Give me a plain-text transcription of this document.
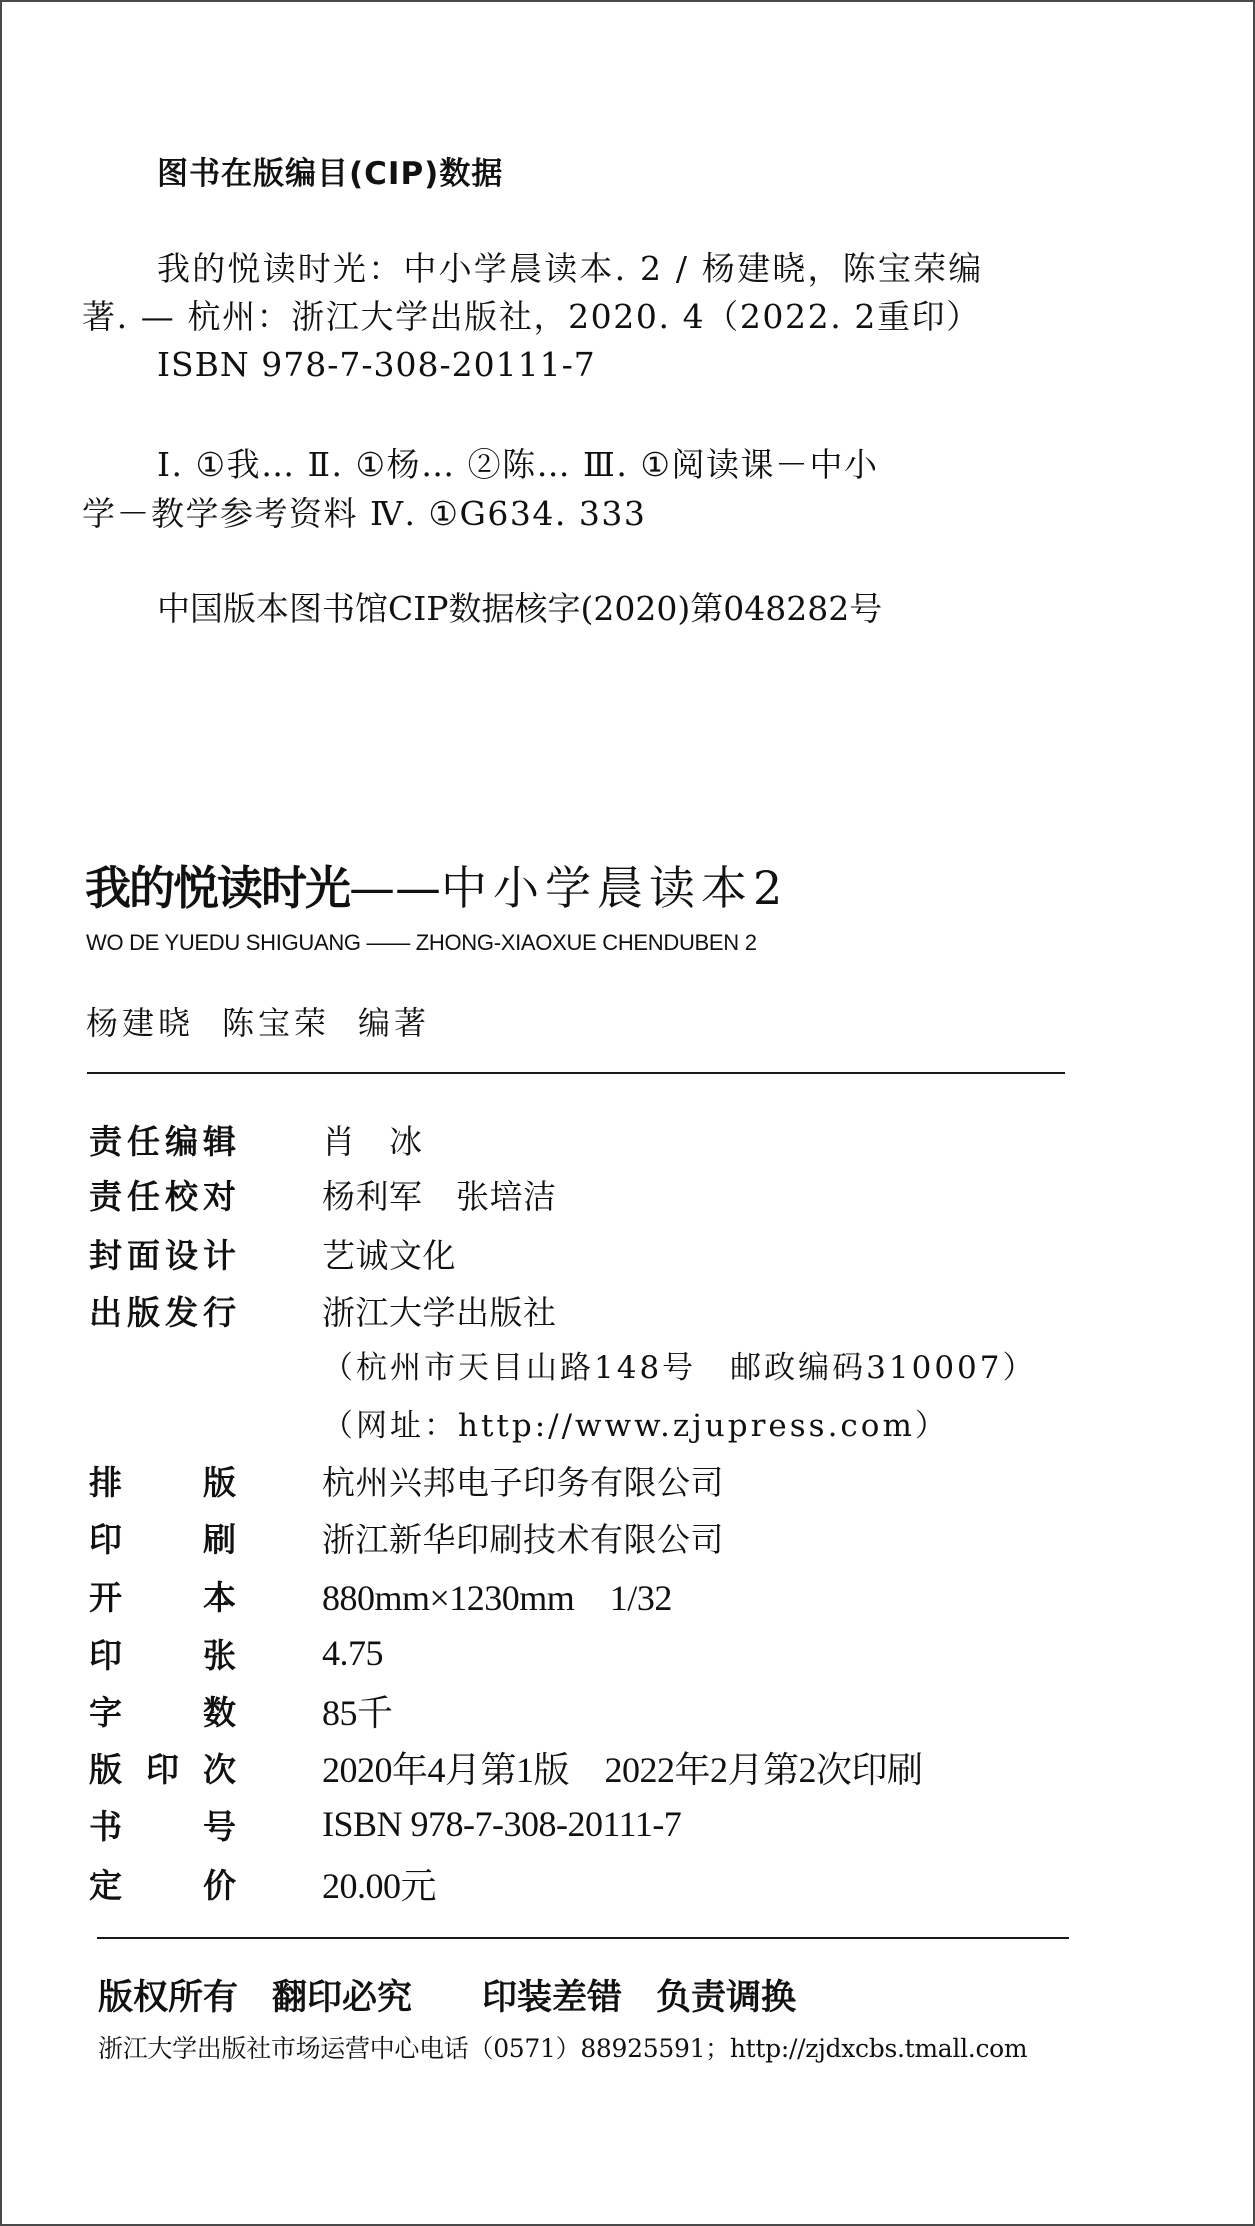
图书在版编目(CIP)数据
我的悦读时光：中小学晨读本. 2 / 杨建晓，陈宝荣编
著. — 杭州：浙江大学出版社，2020. 4（2022. 2重印）
ISBN 978-7-308-20111-7
Ⅰ. ①我… Ⅱ. ①杨… ②陈… Ⅲ. ①阅读课－中小
学－教学参考资料 Ⅳ. ①G634. 333
中国版本图书馆CIP数据核字(2020)第048282号
我的悦读时光——中小学晨读本2
WO DE YUEDU SHIGUANG —— ZHONG-XIAOXUE CHENDUBEN 2
杨建晓 陈宝荣 编著
责 任 编 辑	肖　冰
责 任 校 对	杨利军　张培洁
封 面 设 计	艺诚文化
出 版 发 行	浙江大学出版社
（杭州市天目山路148号　邮政编码310007）
（网址：http://www.zjupress.com）
排 版	杭州兴邦电子印务有限公司
印 刷	浙江新华印刷技术有限公司
开 本 880mm×1230mm　1/32
印 张 4.75
字 数 85千
版 印 次 2020年4月第1版　2022年2月第2次印刷
书 号 ISBN 978-7-308-20111-7
定 价 20.00元
版权所有 翻印必究 印装差错 负责调换
浙江大学出版社市场运营中心电话（0571）88925591；http://zjdxcbs.tmall.com
